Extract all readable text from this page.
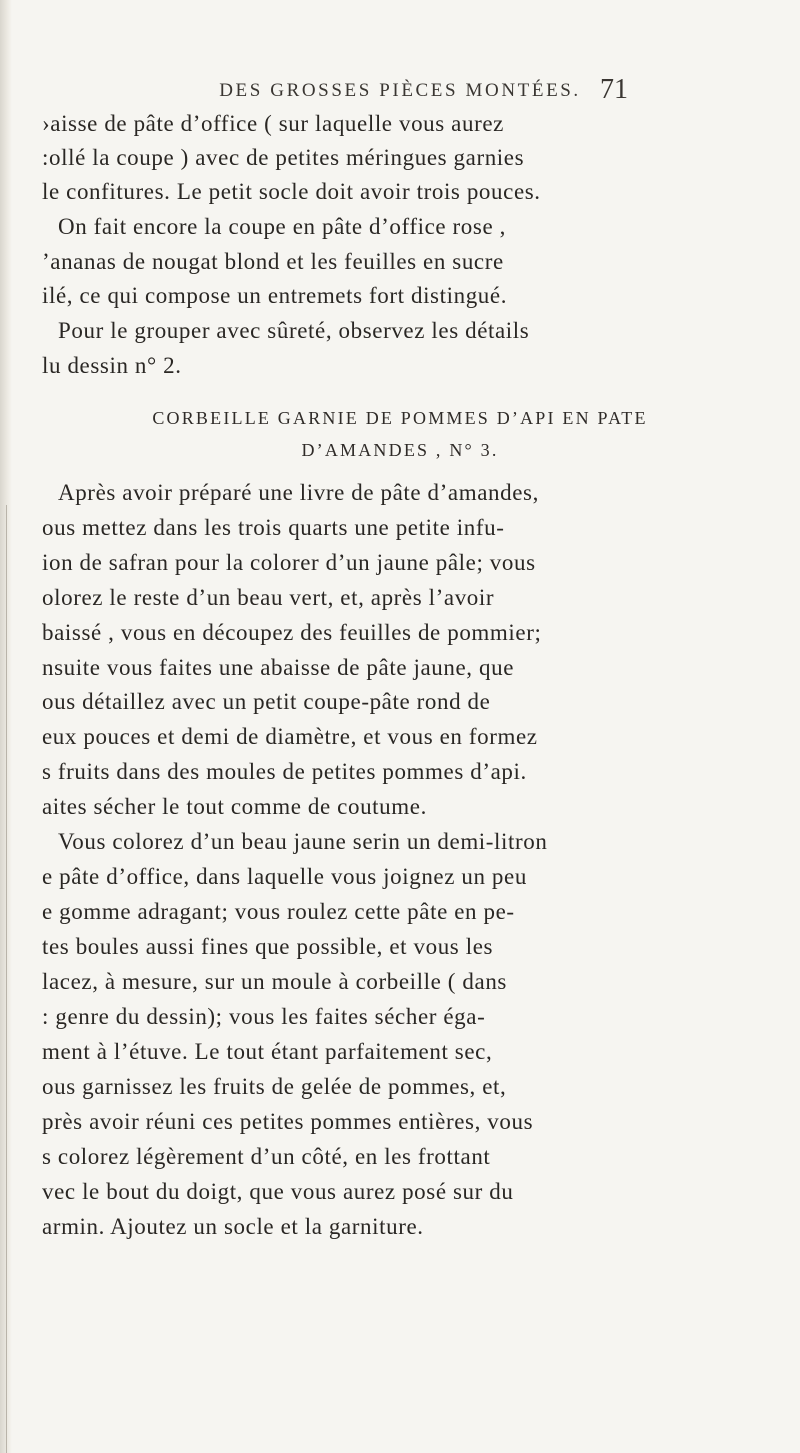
DES GROSSES PIÈCES MONTÉES. 71
›aisse de pâte d’office ( sur laquelle vous aurez
:ollé la coupe ) avec de petites méringues garnies
le confitures. Le petit socle doit avoir trois pouces.
On fait encore la coupe en pâte d’office rose ,
’ananas de nougat blond et les feuilles en sucre
ilé, ce qui compose un entremets fort distingué.
Pour le grouper avec sûreté, observez les détails
lu dessin n° 2.
CORBEILLE GARNIE DE POMMES D’API EN PATE
D’AMANDES , N° 3.
Après avoir préparé une livre de pâte d’amandes,
ous mettez dans les trois quarts une petite infu-
ion de safran pour la colorer d’un jaune pâle; vous
olorez le reste d’un beau vert, et, après l’avoir
baissé , vous en découpez des feuilles de pommier;
nsuite vous faites une abaisse de pâte jaune, que
ous détaillez avec un petit coupe-pâte rond de
eux pouces et demi de diamètre, et vous en formez
s fruits dans des moules de petites pommes d’api.
aites sécher le tout comme de coutume.
Vous colorez d’un beau jaune serin un demi-litron
e pâte d’office, dans laquelle vous joignez un peu
e gomme adragant; vous roulez cette pâte en pe-
tes boules aussi fines que possible, et vous les
lacez, à mesure, sur un moule à corbeille ( dans
: genre du dessin); vous les faites sécher éga-
ment à l’étuve. Le tout étant parfaitement sec,
ous garnissez les fruits de gelée de pommes, et,
près avoir réuni ces petites pommes entières, vous
s colorez légèrement d’un côté, en les frottant
vec le bout du doigt, que vous aurez posé sur du
armin. Ajoutez un socle et la garniture.
